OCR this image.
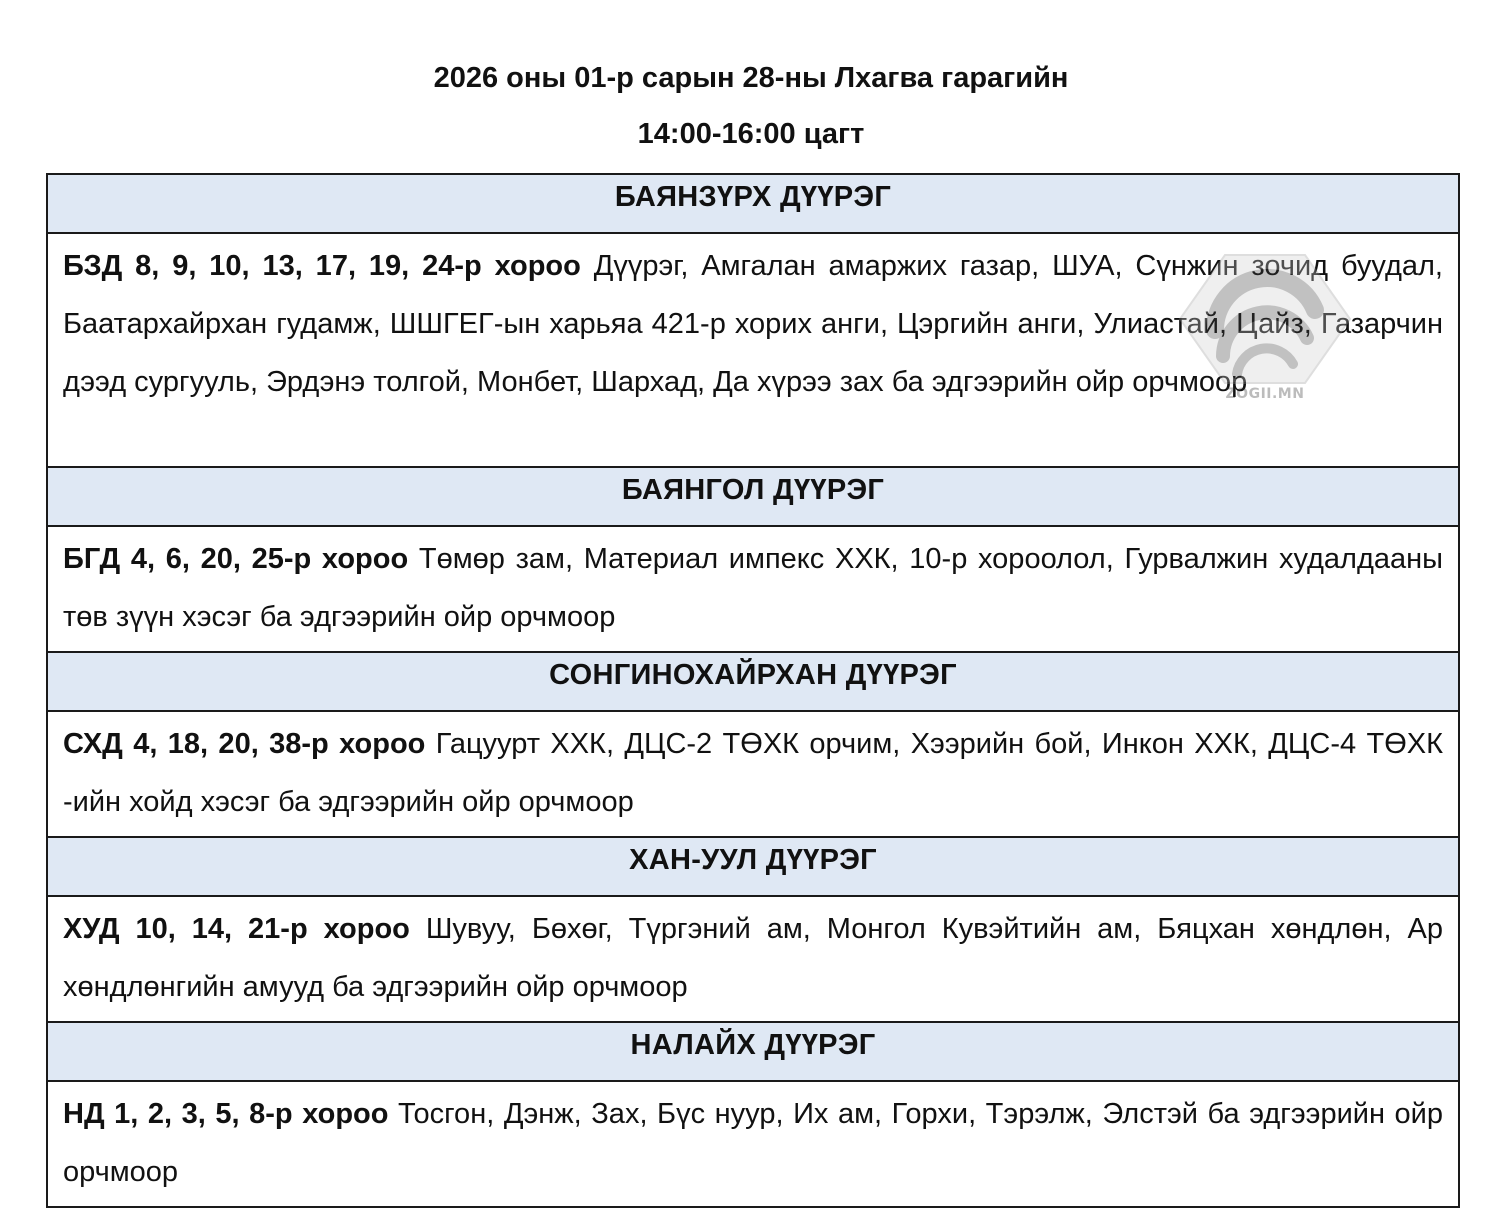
2026 оны 01-р сарын 28-ны Лхагва гарагийн
14:00-16:00 цагт
БАЯНЗҮРХ ДҮҮРЭГ

БЗД 8, 9, 10, 13, 17, 19, 24-р хороо Дүүрэг, Амгалан амаржих газар, ШУА, Сүнжин зочид буудал, Баатархайрхан гудамж, ШШГЕГ-ын харьяа 421-р хорих анги, Цэргийн анги, Улиастай, Цайз, Газарчин дээд сургууль, Эрдэнэ толгой, Монбет, Шархад, Да хүрээ зах ба эдгээрийн ойр орчмоор

БАЯНГОЛ ДҮҮРЭГ

БГД 4, 6, 20, 25-р хороо Төмөр зам, Материал импекс ХХК, 10-р хороолол, Гурвалжин худалдааны төв зүүн хэсэг ба эдгээрийн ойр орчмоор

СОНГИНОХАЙРХАН ДҮҮРЭГ

СХД 4, 18, 20, 38-р хороо Гацуурт ХХК, ДЦС-2 ТӨХК орчим, Хээрийн бой, Инкон ХХК, ДЦС-4 ТӨХК -ийн хойд хэсэг ба эдгээрийн ойр орчмоор

ХАН-УУЛ ДҮҮРЭГ

ХУД 10, 14, 21-р хороо Шувуу, Бөхөг, Түргэний ам, Монгол Кувэйтийн ам, Бяцхан хөндлөн, Ар хөндлөнгийн амууд ба эдгээрийн ойр орчмоор

НАЛАЙХ ДҮҮРЭГ

НД 1, 2, 3, 5, 8-р хороо Тосгон, Дэнж, Зах, Бүс нуур, Их ам, Горхи, Тэрэлж, Элстэй ба эдгээрийн ойр орчмоор
ZOGII.MN
